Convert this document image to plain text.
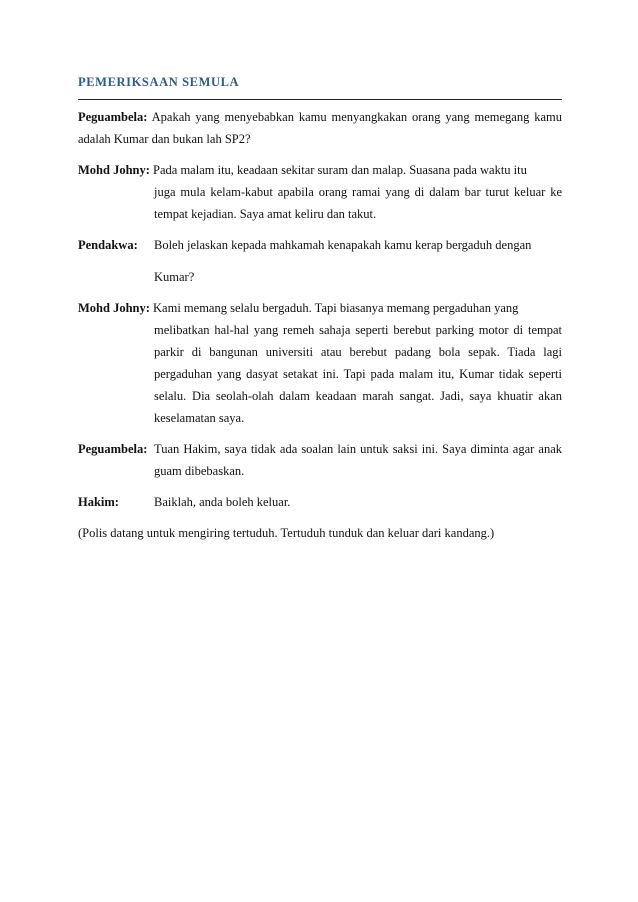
PEMERIKSAAN SEMULA

Peguambela: Apakah yang menyebabkan kamu menyangkakan orang yang memegang kamu adalah Kumar dan bukan lah SP2?

Mohd Johny: Pada malam itu, keadaan sekitar suram dan malap. Suasana pada waktu itu

juga mula kelam-kabut apabila orang ramai yang di dalam bar turut keluar ke tempat kejadian. Saya amat keliru dan takut.

Pendakwa: Boleh jelaskan kepada mahkamah kenapakah kamu kerap bergaduh dengan

Kumar?

Mohd Johny: Kami memang selalu bergaduh. Tapi biasanya memang pergaduhan yang

melibatkan hal-hal yang remeh sahaja seperti berebut parking motor di tempat parkir di bangunan universiti atau berebut padang bola sepak. Tiada lagi pergaduhan yang dasyat setakat ini. Tapi pada malam itu, Kumar tidak seperti selalu. Dia seolah-olah dalam keadaan marah sangat. Jadi, saya khuatir akan keselamatan saya.

Peguambela: Tuan Hakim, saya tidak ada soalan lain untuk saksi ini. Saya diminta agar anak guam dibebaskan.

Hakim:	Baiklah, anda boleh keluar.

(Polis datang untuk mengiring tertuduh. Tertuduh tunduk dan keluar dari kandang.)
